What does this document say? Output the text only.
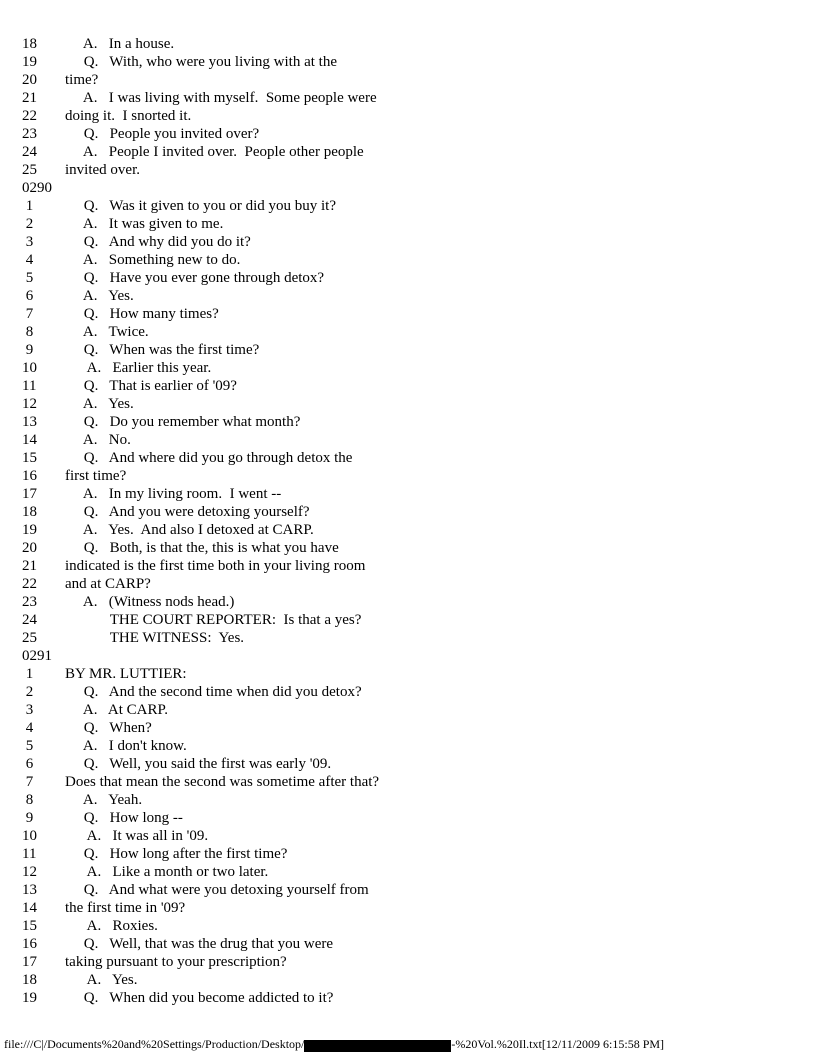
18 A.   In a house.
19 Q.   With, who were you living with at the
20 time?
21 A.   I was living with myself.  Some people were
22 doing it.  I snorted it.
23 Q.   People you invited over?
24 A.   People I invited over.  People other people
25 invited over.
0290
1 Q.   Was it given to you or did you buy it?
2 A.   It was given to me.
3 Q.   And why did you do it?
4 A.   Something new to do.
5 Q.   Have you ever gone through detox?
6 A.   Yes.
7 Q.   How many times?
8 A.   Twice.
9 Q.   When was the first time?
10 A.   Earlier this year.
11 Q.   That is earlier of '09?
12 A.   Yes.
13 Q.   Do you remember what month?
14 A.   No.
15 Q.   And where did you go through detox the
16 first time?
17 A.   In my living room.  I went --
18 Q.   And you were detoxing yourself?
19 A.   Yes.  And also I detoxed at CARP.
20 Q.   Both, is that the, this is what you have
21 indicated is the first time both in your living room
22 and at CARP?
23 A.   (Witness nods head.)
24 THE COURT REPORTER:  Is that a yes?
25 THE WITNESS:  Yes.
0291
1 BY MR. LUTTIER:
2 Q.   And the second time when did you detox?
3 A.   At CARP.
4 Q.   When?
5 A.   I don't know.
6 Q.   Well, you said the first was early '09.
7 Does that mean the second was sometime after that?
8 A.   Yeah.
9 Q.   How long --
10 A.   It was all in '09.
11 Q.   How long after the first time?
12 A.   Like a month or two later.
13 Q.   And what were you detoxing yourself from
14 the first time in '09?
15 A.   Roxies.
16 Q.   Well, that was the drug that you were
17 taking pursuant to your prescription?
18 A.   Yes.
19 Q.   When did you become addicted to it?
file:///C|/Documents%20and%20Settings/Production/Desktop/	-%20Vol.%20Il.txt[12/11/2009 6:15:58 PM]
